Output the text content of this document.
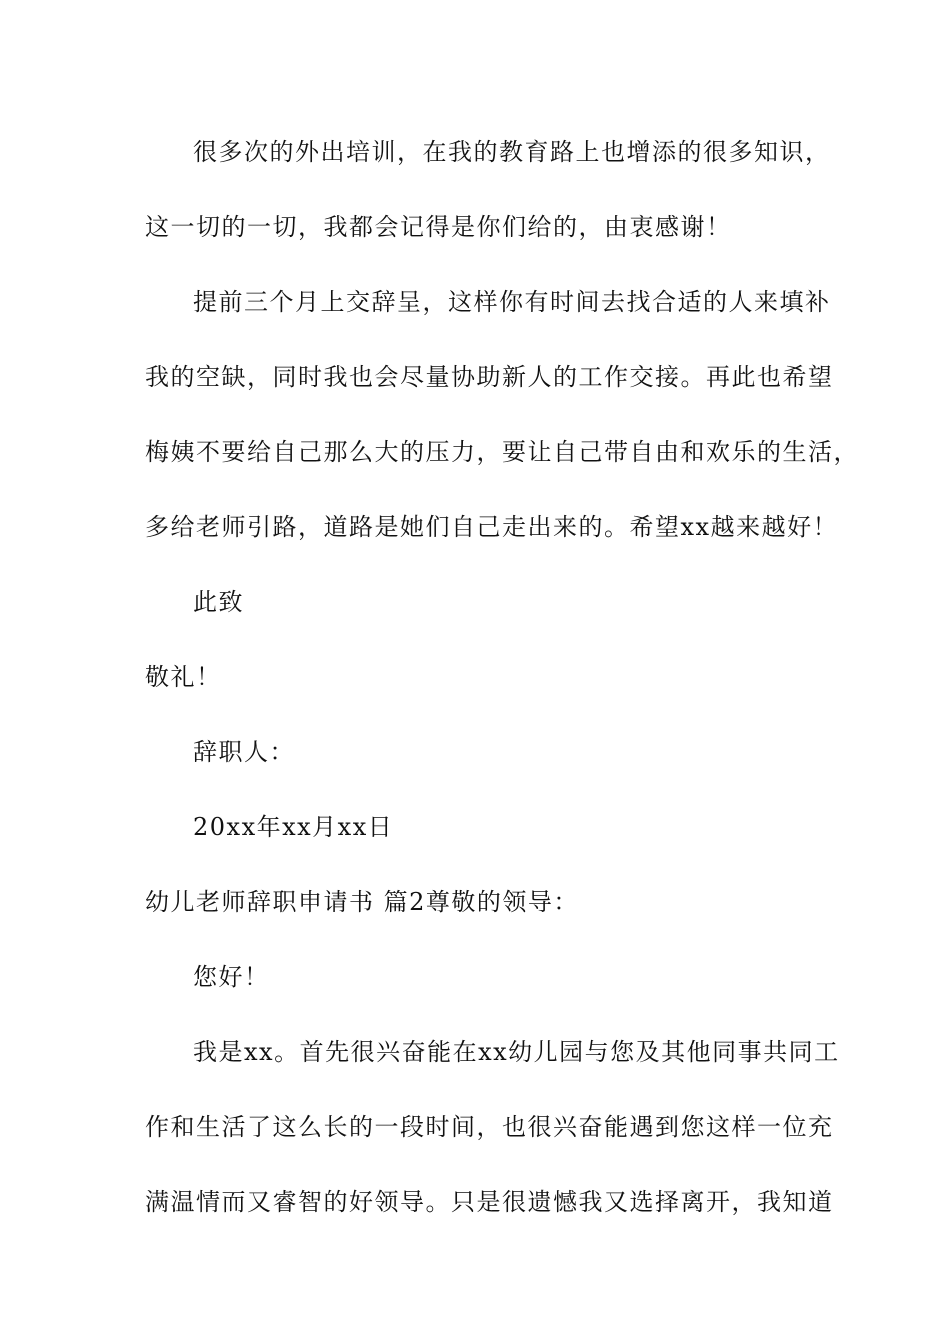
很多次的外出培训，在我的教育路上也增添的很多知识，
这一切的一切，我都会记得是你们给的，由衷感谢！
提前三个月上交辞呈，这样你有时间去找合适的人来填补
我的空缺，同时我也会尽量协助新人的工作交接。再此也希望
梅姨不要给自己那么大的压力，要让自己带自由和欢乐的生活，
多给老师引路，道路是她们自己走出来的。希望xx越来越好！
此致
敬礼！
辞职人：
20xx年xx月xx日
幼儿老师辞职申请书 篇2尊敬的领导：
您好！
我是xx。首先很兴奋能在xx幼儿园与您及其他同事共同工
作和生活了这么长的一段时间，也很兴奋能遇到您这样一位充
满温情而又睿智的好领导。只是很遗憾我又选择离开，我知道
